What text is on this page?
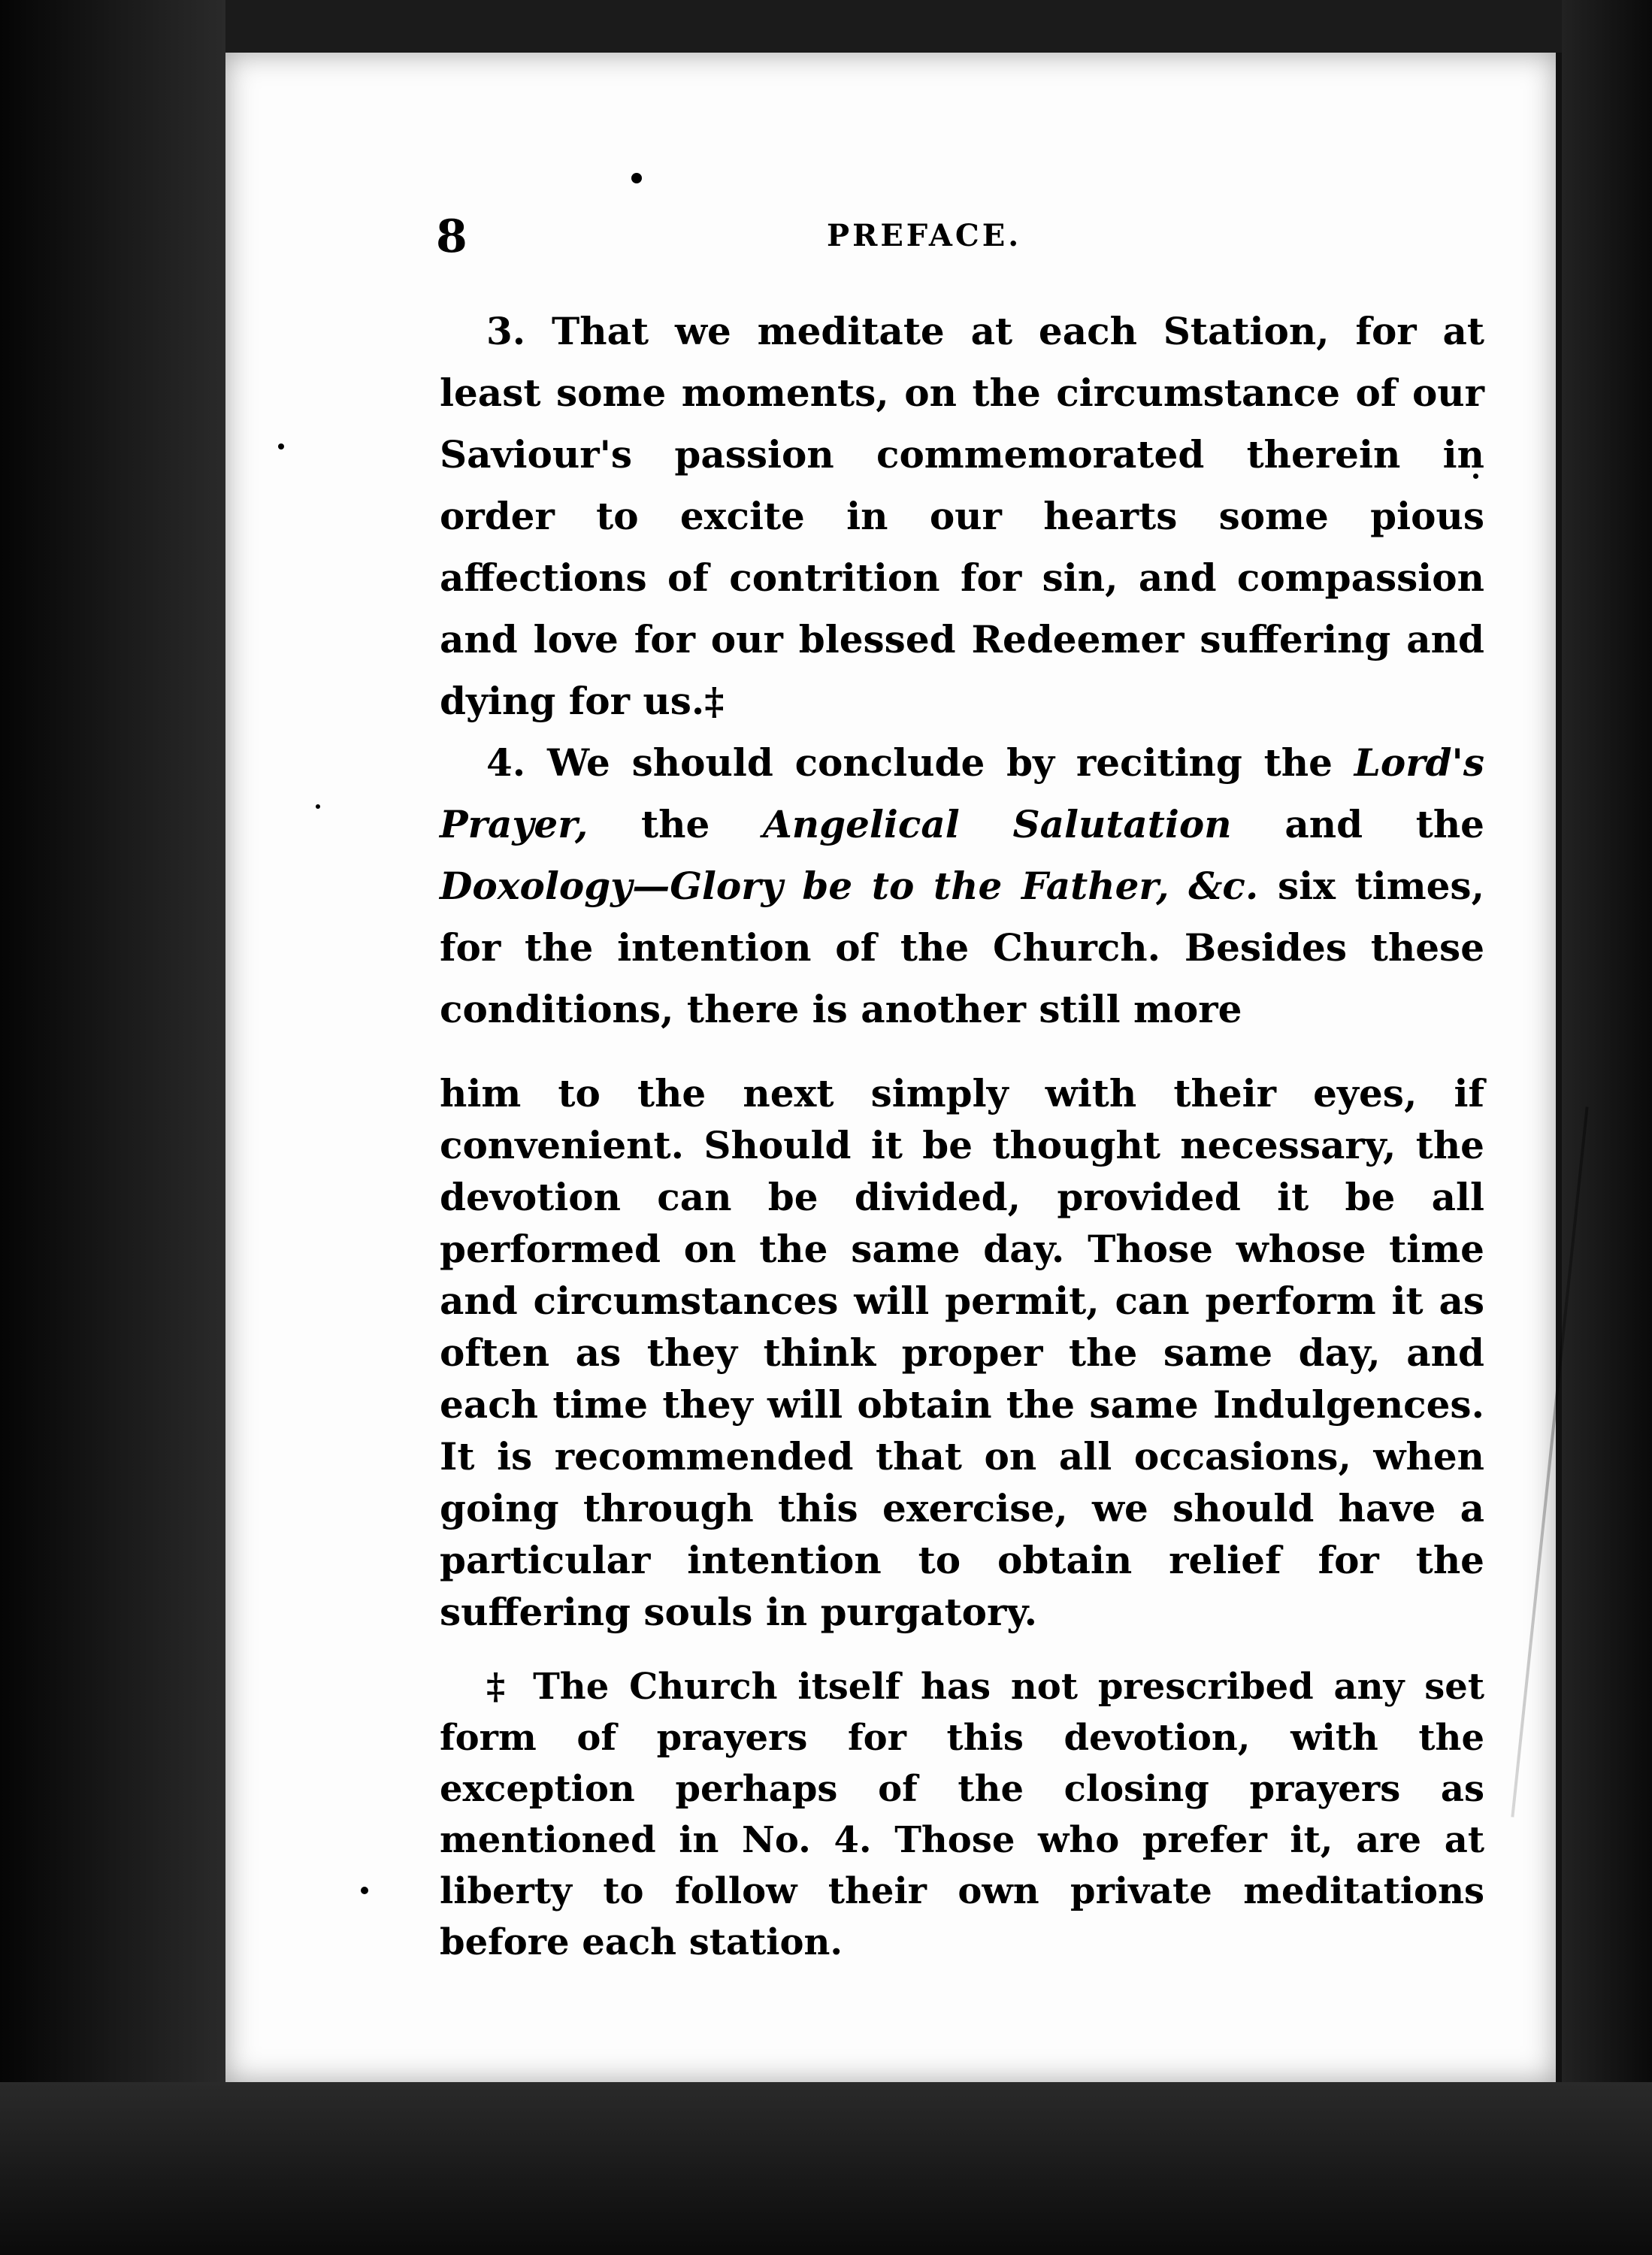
8	PREFACE.

3. That we meditate at each Station, for at least some moments, on the circumstance of our Saviour's passion commemorated therein in order to excite in our hearts some pious affections of contrition for sin, and compassion and love for our blessed Redeemer suffering and dying for us.‡

4. We should conclude by reciting the Lord's Prayer, the Angelical Salutation and the Doxology—Glory be to the Father, &c. six times, for the intention of the Church. Besides these conditions, there is another still more

him to the next simply with their eyes, if convenient. Should it be thought necessary, the devotion can be divided, provided it be all performed on the same day. Those whose time and circumstances will permit, can perform it as often as they think proper the same day, and each time they will obtain the same Indulgences. It is recommended that on all occasions, when going through this exercise, we should have a particular intention to obtain relief for the suffering souls in purgatory.

‡ The Church itself has not prescribed any set form of prayers for this devotion, with the exception perhaps of the closing prayers as mentioned in No. 4. Those who prefer it, are at liberty to follow their own private meditations before each station.
